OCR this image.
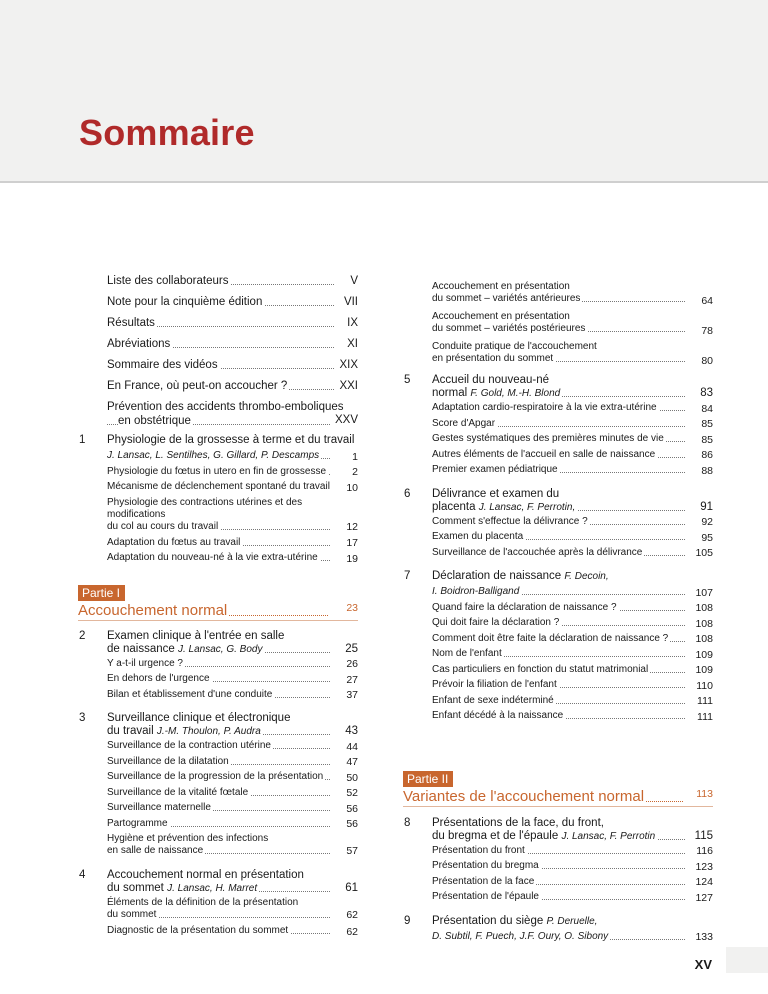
Sommaire
Liste des collaborateurs	V
Note pour la cinquième édition	VII
Résultats	IX
Abréviations	XI
Sommaire des vidéos	XIX
En France, où peut-on accoucher ?	XXI
Prévention des accidents thrombo-emboliques
en obstétrique	XXV
1 Physiologie de la grossesse à terme et du travail
J. Lansac, L. Sentilhes, G. Gillard, P. Descamps	1
Physiologie du fœtus in utero en fin de grossesse	2
Mécanisme de déclenchement spontané du travail	10
Physiologie des contractions utérines et des modifications
du col au cours du travail	12
Adaptation du fœtus au travail	17
Adaptation du nouveau-né à la vie extra-utérine	19
Partie I
Accouchement normal	23
2 Examen clinique à l'entrée en salle
de naissance J. Lansac, G. Body	25
Y a-t-il urgence ?	26
En dehors de l'urgence	27
Bilan et établissement d'une conduite	37
3 Surveillance clinique et électronique
du travail J.-M. Thoulon, P. Audra	43
Surveillance de la contraction utérine	44
Surveillance de la dilatation	47
Surveillance de la progression de la présentation	50
Surveillance de la vitalité fœtale	52
Surveillance maternelle	56
Partogramme	56
Hygiène et prévention des infections
en salle de naissance	57
4 Accouchement normal en présentation
du sommet J. Lansac, H. Marret	61
Éléments de la définition de la présentation
du sommet	62
Diagnostic de la présentation du sommet	62
Accouchement en présentation
du sommet – variétés antérieures	64
Accouchement en présentation
du sommet – variétés postérieures	78
Conduite pratique de l'accouchement
en présentation du sommet	80
5 Accueil du nouveau-né
normal F. Gold, M.-H. Blond	83
Adaptation cardio-respiratoire à la vie extra-utérine	84
Score d'Apgar	85
Gestes systématiques des premières minutes de vie	85
Autres éléments de l'accueil en salle de naissance	86
Premier examen pédiatrique	88
6 Délivrance et examen du
placenta J. Lansac, F. Perrotin,	91
Comment s'effectue la délivrance ?	92
Examen du placenta	95
Surveillance de l'accouchée après la délivrance	105
7 Déclaration de naissance F. Decoin,
I. Boidron-Balligand	107
Quand faire la déclaration de naissance ?	108
Qui doit faire la déclaration ?	108
Comment doit être faite la déclaration de naissance ?	108
Nom de l'enfant	109
Cas particuliers en fonction du statut matrimonial	109
Prévoir la filiation de l'enfant	110
Enfant de sexe indéterminé	111
Enfant décédé à la naissance	111
Partie II
Variantes de l'accouchement normal	113
8 Présentations de la face, du front,
du bregma et de l'épaule J. Lansac, F. Perrotin	115
Présentation du front	116
Présentation du bregma	123
Présentation de la face	124
Présentation de l'épaule	127
9 Présentation du siège P. Deruelle,
D. Subtil, F. Puech, J.F. Oury, O. Sibony	133
XV
